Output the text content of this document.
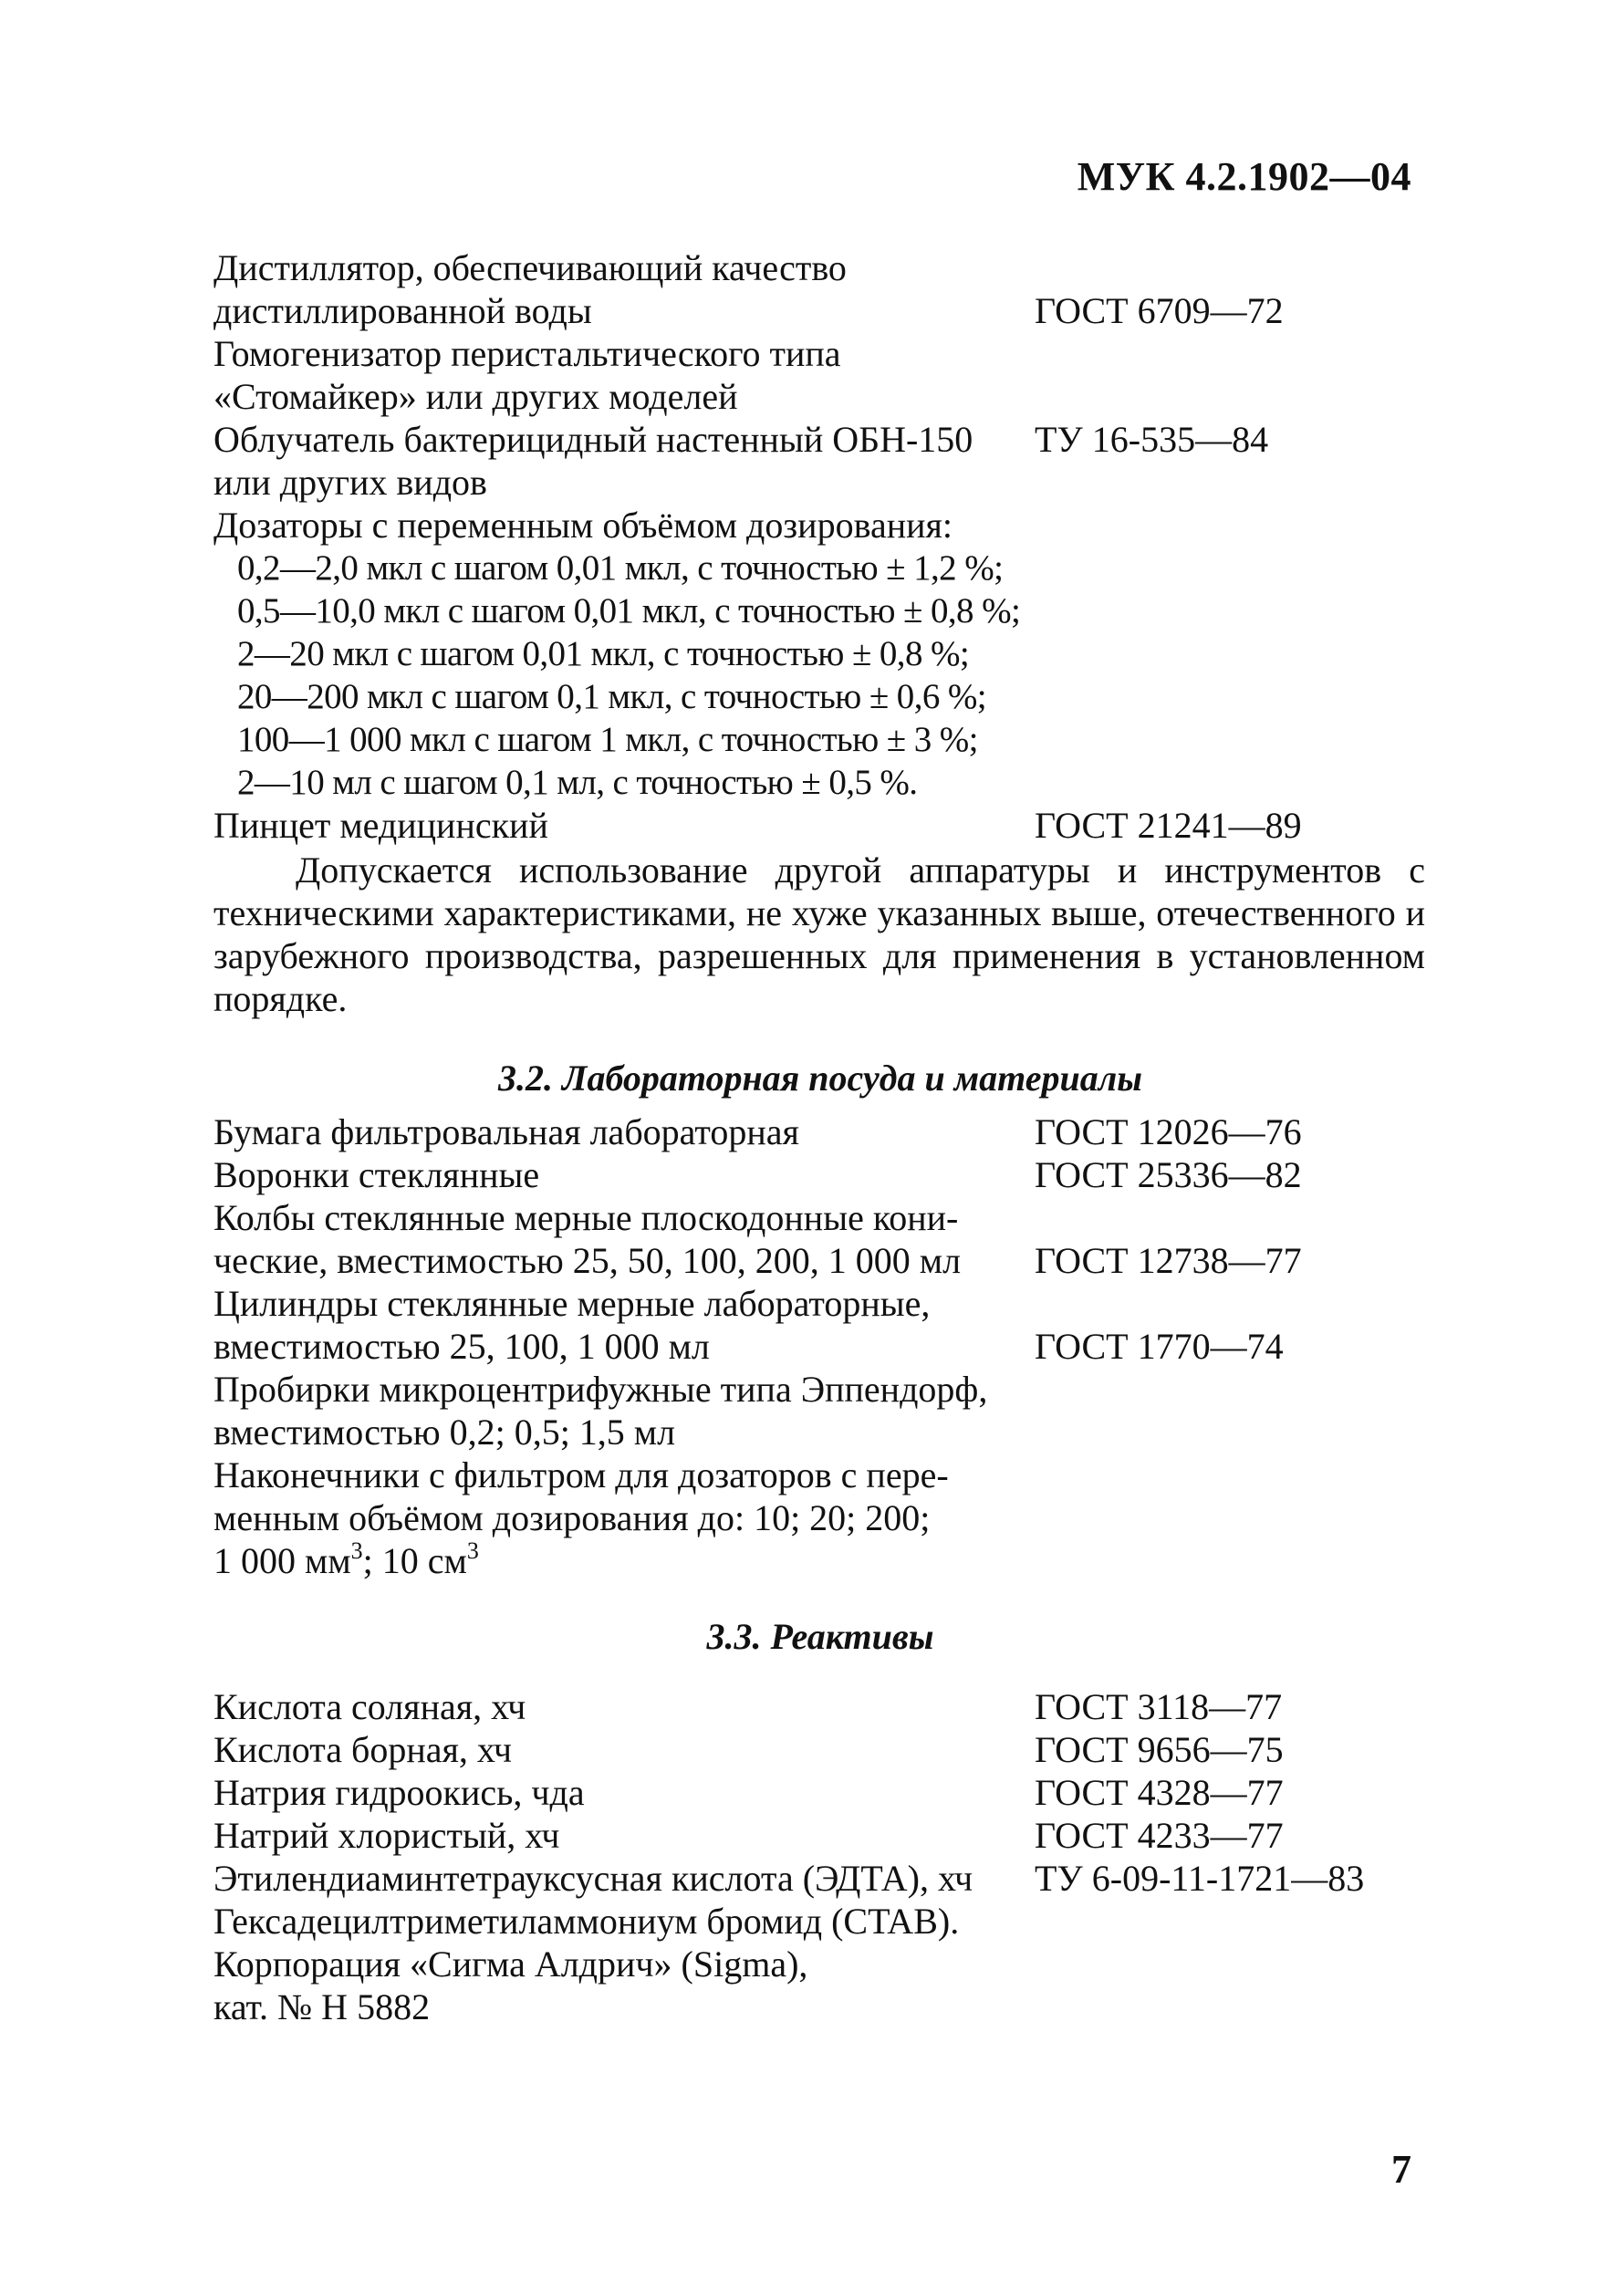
МУК 4.2.1902—04
Дистиллятор, обеспечивающий качество
дистиллированной воды	ГОСТ 6709—72
Гомогенизатор перистальтического типа
«Стомайкер» или других моделей
Облучатель бактерицидный настенный ОБН-150	ТУ 16-535—84
или других видов
Дозаторы с переменным объёмом дозирования:
0,2—2,0 мкл с шагом 0,01 мкл, с точностью ± 1,2 %;
0,5—10,0 мкл с шагом 0,01 мкл, с точностью ± 0,8 %;
2—20 мкл с шагом 0,01 мкл, с точностью ± 0,8 %;
20—200 мкл с шагом 0,1 мкл, с точностью ± 0,6 %;
100—1 000 мкл с шагом 1 мкл, с точностью ± 3 %;
2—10 мл с шагом 0,1 мл, с точностью ± 0,5 %.
Пинцет медицинский	ГОСТ 21241—89
Допускается использование другой аппаратуры и инструментов с техническими характеристиками, не хуже указанных выше, отечественного и зарубежного производства, разрешенных для применения в установленном порядке.
3.2. Лабораторная посуда и материалы
Бумага фильтровальная лабораторная	ГОСТ 12026—76
Воронки стеклянные	ГОСТ 25336—82
Колбы стеклянные мерные плоскодонные кони-
ческие, вместимостью 25, 50, 100, 200, 1 000 мл	ГОСТ 12738—77
Цилиндры стеклянные мерные лабораторные,
вместимостью 25, 100, 1 000 мл	ГОСТ 1770—74
Пробирки микроцентрифужные типа Эппендорф,
вместимостью 0,2; 0,5; 1,5 мл
Наконечники с фильтром для дозаторов с пере-
менным объёмом дозирования до: 10; 20; 200;
1 000 $мм^3$; 10 $см^3$
3.3. Реактивы
Кислота соляная, хч	ГОСТ 3118—77
Кислота борная, хч	ГОСТ 9656—75
Натрия гидроокись, чда	ГОСТ 4328—77
Натрий хлористый, хч	ГОСТ 4233—77
Этилендиаминтетрауксусная кислота (ЭДТА), хч	ТУ 6-09-11-1721—83
Гексадецилтриметиламмониум бромид (CTAB).
Корпорация «Сигма Алдрич» (Sigma),
кат. № Н 5882
7
